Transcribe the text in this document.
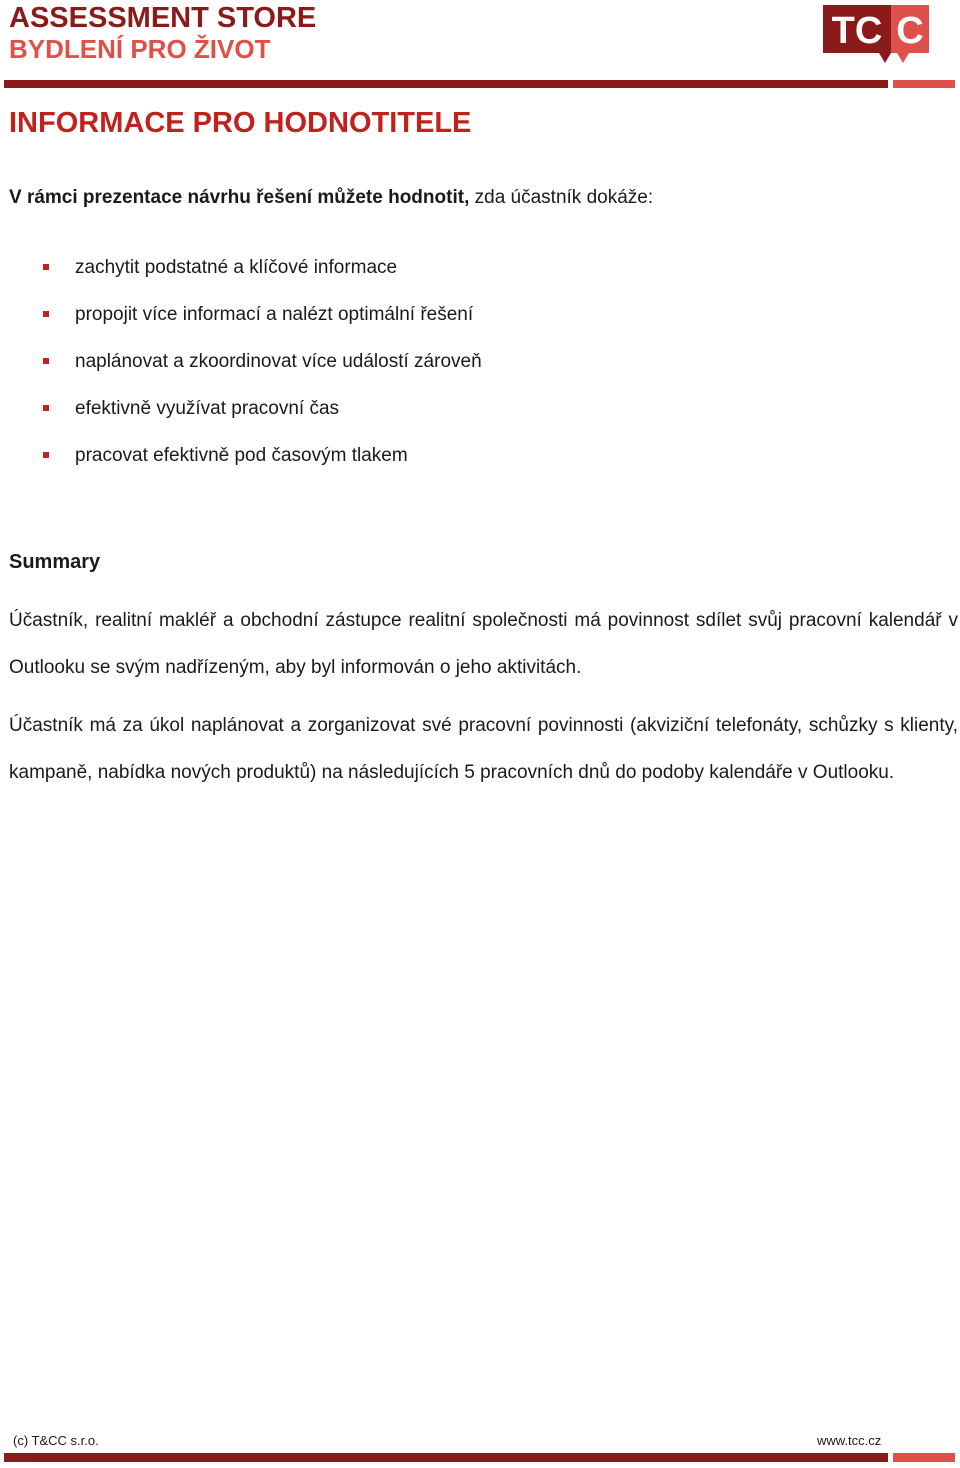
ASSESSMENT STORE
BYDLENÍ PRO ŽIVOT	TC C
INFORMACE PRO HODNOTITELE

V rámci prezentace návrhu řešení můžete hodnotit, zda účastník dokáže:

zachytit podstatné a klíčové informace
propojit více informací a nalézt optimální řešení
naplánovat a zkoordinovat více událostí zároveň
efektivně využívat pracovní čas
pracovat efektivně pod časovým tlakem
Summary

Účastník, realitní makléř a obchodní zástupce realitní společnosti má povinnost sdílet svůj pracovní kalendář v Outlooku se svým nadřízeným, aby byl informován o jeho aktivitách.

Účastník má za úkol naplánovat a zorganizovat své pracovní povinnosti (akviziční telefonáty, schůzky s klienty, kampaně, nabídka nových produktů) na následujících 5 pracovních dnů do podoby kalendáře v Outlooku.

(c) T&CC s.r.o.	www.tcc.cz
